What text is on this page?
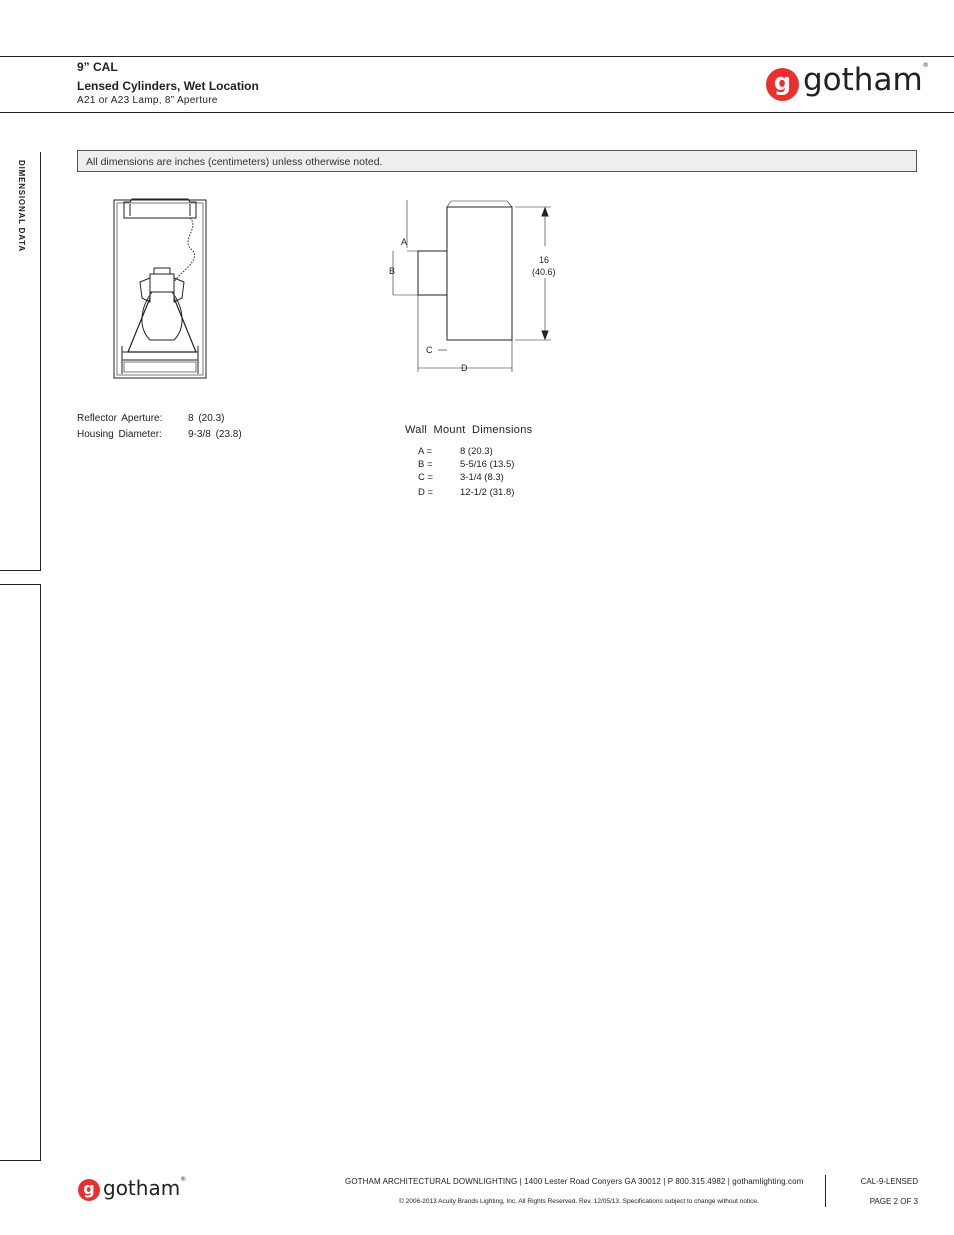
9” CAL
Lensed Cylinders, Wet Location
A21 or A23 Lamp, 8” Aperture
g gotham®
DIMENSIONAL DATA	All dimensions are inches (centimeters) unless otherwise noted.
A
B
C
D
16
(40.6)
Reflector Aperture:	8 (20.3)
Housing Diameter:	9-3/8 (23.8)	Wall Mount Dimensions
A =	8 (20.3)
B =	5-5/16 (13.5)
C =	3-1/4 (8.3)
D =	12-1/2 (31.8)
g gotham®	GOTHAM ARCHITECTURAL DOWNLIGHTING | 1400 Lester Road Conyers GA 30012 | P 800.315.4982 | gothamlighting.com
© 2006-2013 Acuity Brands Lighting, Inc. All Rights Reserved. Rev. 12/05/13. Specifications subject to change without notice.
CAL-9-LENSED
PAGE 2 OF 3
